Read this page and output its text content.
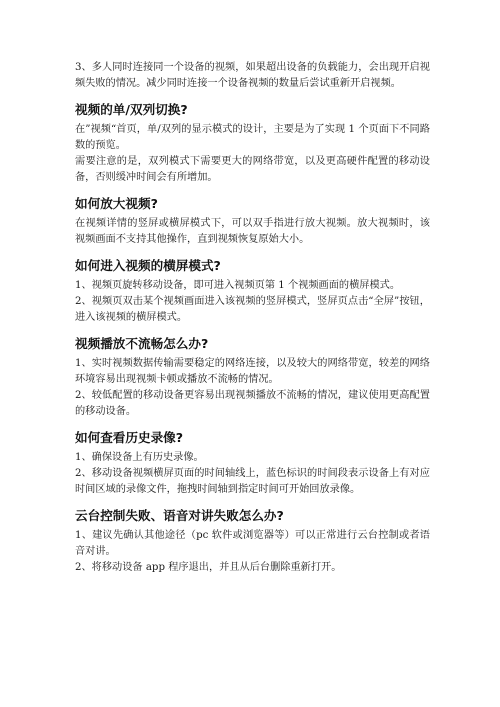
3、多人同时连接同一个设备的视频，如果超出设备的负载能力，会出现开启视频失败的情况。减少同时连接一个设备视频的数量后尝试重新开启视频。

视频的单/双列切换?

在”视频“首页，单/双列的显示模式的设计，主要是为了实现 1 个页面下不同路数的预览。

需要注意的是，双列模式下需要更大的网络带宽，以及更高硬件配置的移动设备，否则缓冲时间会有所增加。

如何放大视频?

在视频详情的竖屏或横屏模式下，可以双手指进行放大视频。放大视频时，该视频画面不支持其他操作，直到视频恢复原始大小。

如何进入视频的横屏模式?

1、视频页旋转移动设备，即可进入视频页第 1 个视频画面的横屏模式。

2、视频页双击某个视频画面进入该视频的竖屏模式，竖屏页点击“全屏”按钮，进入该视频的横屏模式。

视频播放不流畅怎么办?

1、实时视频数据传输需要稳定的网络连接，以及较大的网络带宽，较差的网络环境容易出现视频卡顿或播放不流畅的情况。

2、较低配置的移动设备更容易出现视频播放不流畅的情况，建议使用更高配置的移动设备。

如何查看历史录像?

1、确保设备上有历史录像。

2、移动设备视频横屏页面的时间轴线上，蓝色标识的时间段表示设备上有对应时间区域的录像文件，拖拽时间轴到指定时间可开始回放录像。

云台控制失败、语音对讲失败怎么办?

1、建议先确认其他途径（pc 软件或浏览器等）可以正常进行云台控制或者语音对讲。

2、将移动设备 app 程序退出，并且从后台删除重新打开。
